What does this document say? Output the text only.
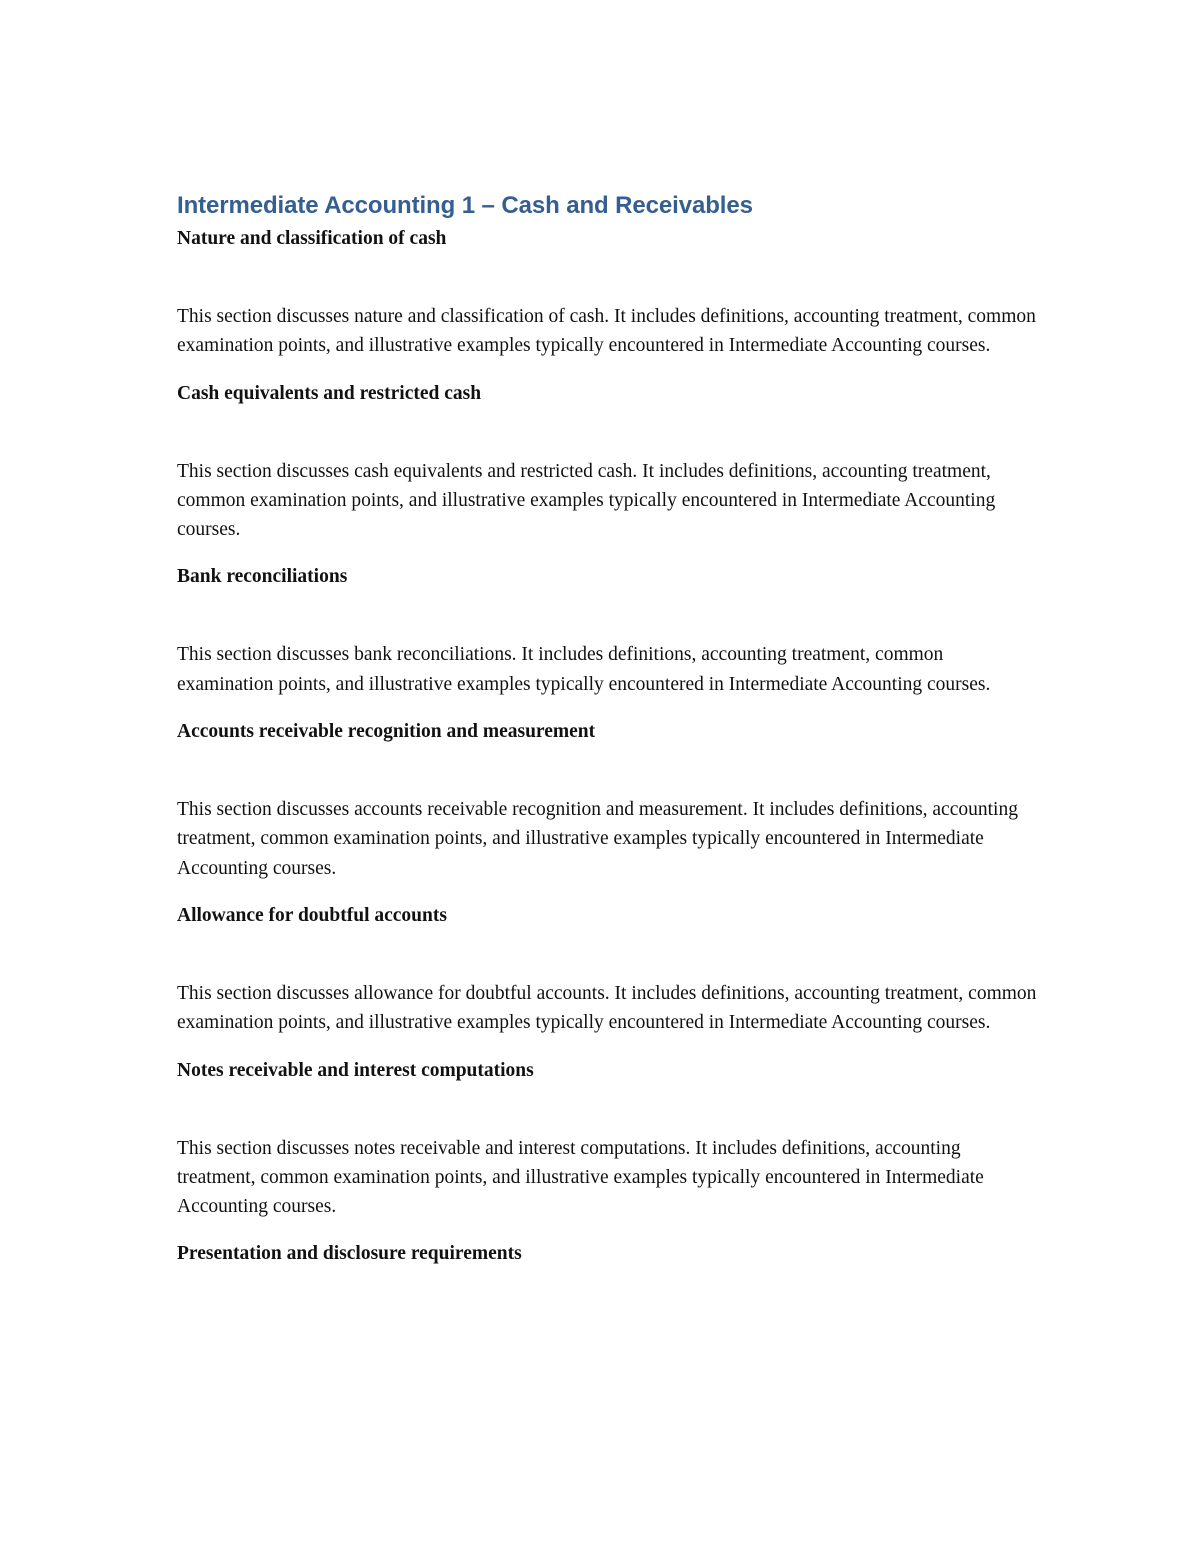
Intermediate Accounting 1 – Cash and Receivables

Nature and classification of cash

This section discusses nature and classification of cash. It includes definitions, accounting treatment, common examination points, and illustrative examples typically encountered in Intermediate Accounting courses.

Cash equivalents and restricted cash

This section discusses cash equivalents and restricted cash. It includes definitions, accounting treatment, common examination points, and illustrative examples typically encountered in Intermediate Accounting courses.

Bank reconciliations

This section discusses bank reconciliations. It includes definitions, accounting treatment, common examination points, and illustrative examples typically encountered in Intermediate Accounting courses.

Accounts receivable recognition and measurement

This section discusses accounts receivable recognition and measurement. It includes definitions, accounting treatment, common examination points, and illustrative examples typically encountered in Intermediate Accounting courses.

Allowance for doubtful accounts

This section discusses allowance for doubtful accounts. It includes definitions, accounting treatment, common examination points, and illustrative examples typically encountered in Intermediate Accounting courses.

Notes receivable and interest computations

This section discusses notes receivable and interest computations. It includes definitions, accounting treatment, common examination points, and illustrative examples typically encountered in Intermediate Accounting courses.

Presentation and disclosure requirements
